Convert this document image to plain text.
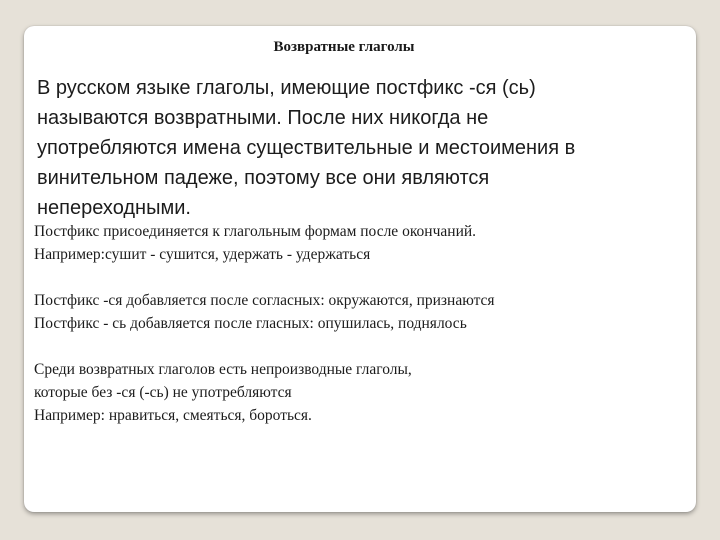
Возвратные глаголы
В русском языке глаголы, имеющие постфикс -ся (сь)
называются возвратными. После них никогда не
употребляются имена существительные и местоимения в
винительном падеже, поэтому все они являются
непереходными.
Постфикс присоединяется к глагольным формам после окончаний.
Например:сушит - сушится, удержать - удержаться
Постфикс -ся добавляется после согласных: окружаются, признаются
Постфикс - сь добавляется после гласных: опушилась, поднялось
Среди возвратных глаголов есть непроизводные глаголы,
которые без -ся (-сь) не употребляются
Например: нравиться, смеяться, бороться.
